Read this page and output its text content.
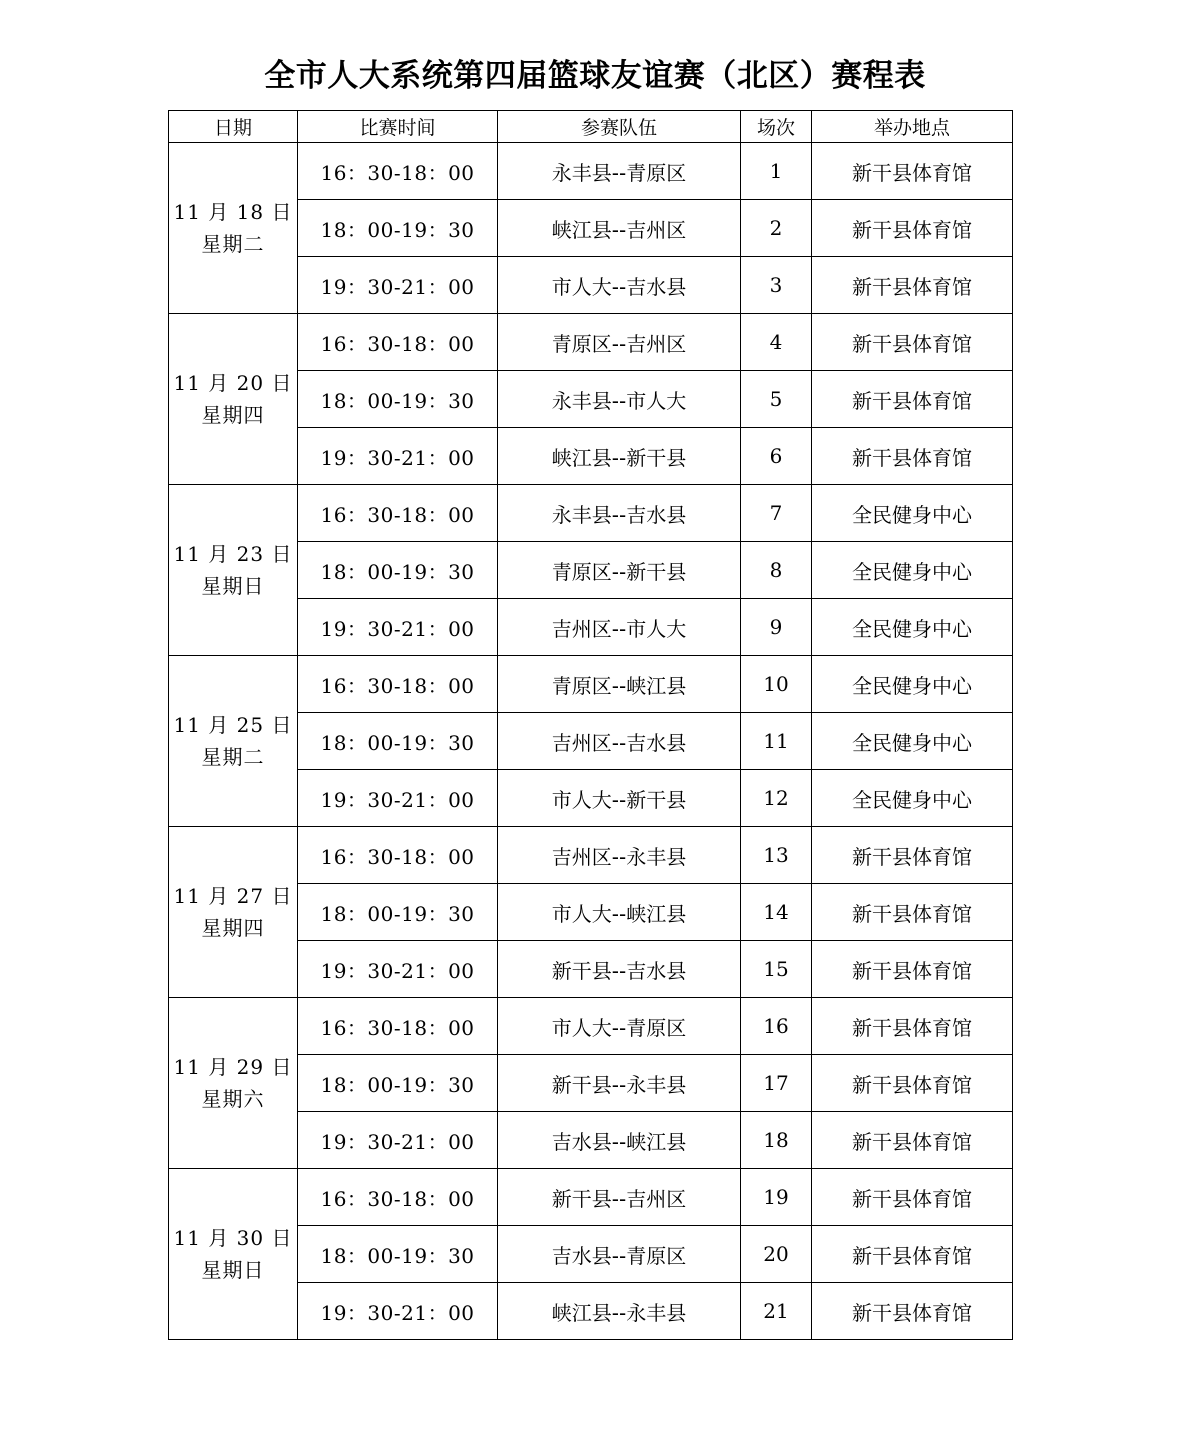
全市人大系统第四届篮球友谊赛（北区）赛程表
日期	比赛时间	参赛队伍	场次	举办地点

11 月 18 日
星期二	16：30-18：00	永丰县--青原区	1	新干县体育馆
	18：00-19：30	峡江县--吉州区	2	新干县体育馆
	19：30-21：00	市人大--吉水县	3	新干县体育馆

11 月 20 日
星期四	16：30-18：00	青原区--吉州区	4	新干县体育馆
	18：00-19：30	永丰县--市人大	5	新干县体育馆
	19：30-21：00	峡江县--新干县	6	新干县体育馆

11 月 23 日
星期日	16：30-18：00	永丰县--吉水县	7	全民健身中心
	18：00-19：30	青原区--新干县	8	全民健身中心
	19：30-21：00	吉州区--市人大	9	全民健身中心

11 月 25 日
星期二	16：30-18：00	青原区--峡江县	10	全民健身中心
	18：00-19：30	吉州区--吉水县	11	全民健身中心
	19：30-21：00	市人大--新干县	12	全民健身中心

11 月 27 日
星期四	16：30-18：00	吉州区--永丰县	13	新干县体育馆
	18：00-19：30	市人大--峡江县	14	新干县体育馆
	19：30-21：00	新干县--吉水县	15	新干县体育馆

11 月 29 日
星期六	16：30-18：00	市人大--青原区	16	新干县体育馆
	18：00-19：30	新干县--永丰县	17	新干县体育馆
	19：30-21：00	吉水县--峡江县	18	新干县体育馆

11 月 30 日
星期日	16：30-18：00	新干县--吉州区	19	新干县体育馆
	18：00-19：30	吉水县--青原区	20	新干县体育馆
	19：30-21：00	峡江县--永丰县	21	新干县体育馆
